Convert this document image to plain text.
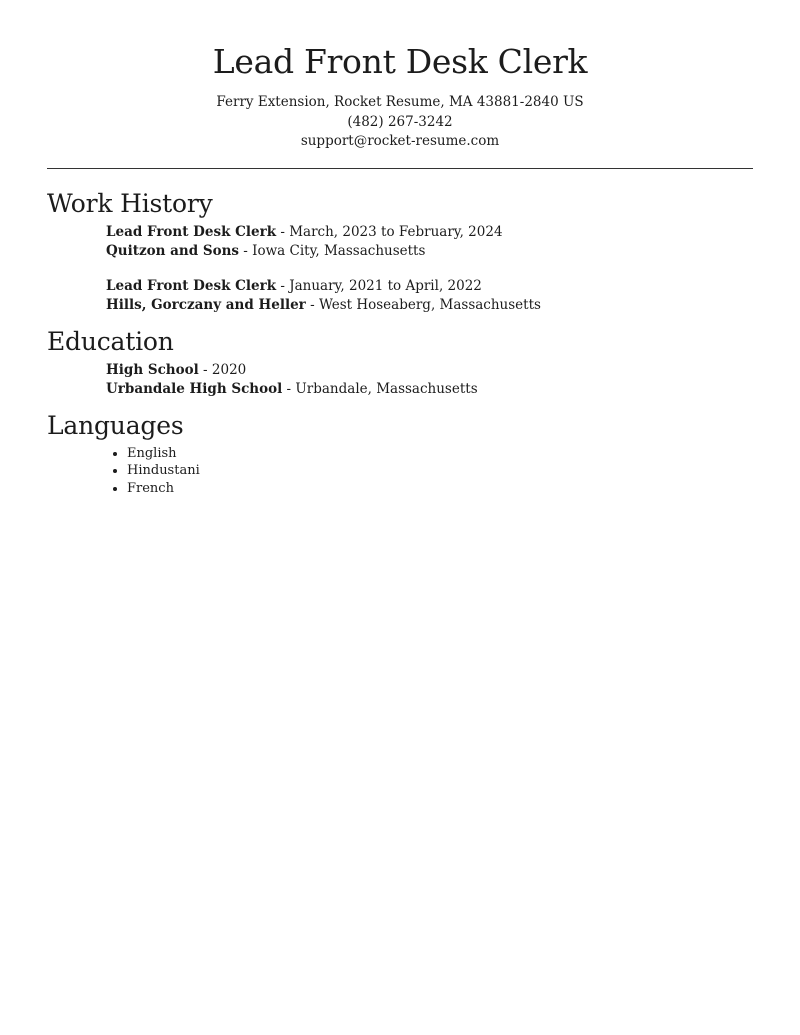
Lead Front Desk Clerk
Ferry Extension, Rocket Resume, MA 43881-2840 US
(482) 267-3242
support@rocket-resume.com
Work History
Lead Front Desk Clerk - March, 2023 to February, 2024
Quitzon and Sons - Iowa City, Massachusetts
Lead Front Desk Clerk - January, 2021 to April, 2022
Hills, Gorczany and Heller - West Hoseaberg, Massachusetts
Education
High School - 2020
Urbandale High School - Urbandale, Massachusetts
Languages
• English
• Hindustani
• French
